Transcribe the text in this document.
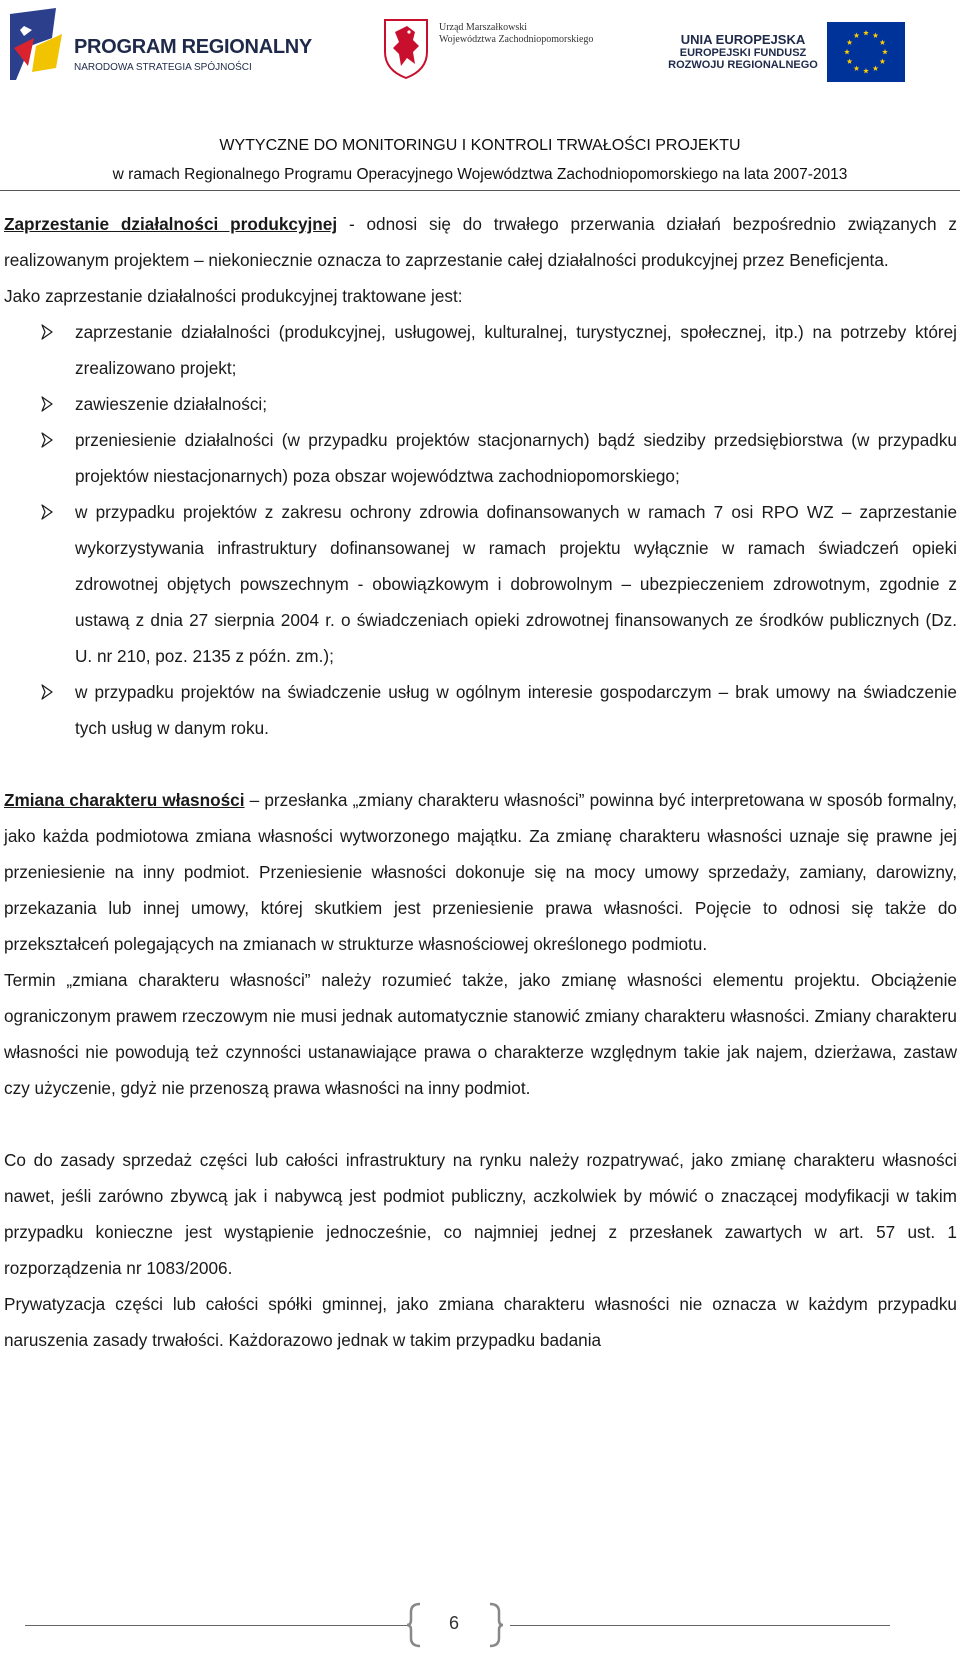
PROGRAM REGIONALNY
NARODOWA STRATEGIA SPÓJNOŚCI
Urząd Marszałkowski
Województwa Zachodniopomorskiego	UNIA EUROPEJSKA
EUROPEJSKI FUNDUSZ
ROZWOJU REGIONALNEGO
WYTYCZNE DO MONITORINGU I KONTROLI TRWAŁOŚCI PROJEKTU
w ramach Regionalnego Programu Operacyjnego Województwa Zachodniopomorskiego na lata 2007-2013

Zaprzestanie działalności produkcyjnej - odnosi się do trwałego przerwania działań bezpośrednio związanych z realizowanym projektem – niekoniecznie oznacza to zaprzestanie całej działalności produkcyjnej przez Beneficjenta.

Jako zaprzestanie działalności produkcyjnej traktowane jest:

zaprzestanie działalności (produkcyjnej, usługowej, kulturalnej, turystycznej, społecznej, itp.) na potrzeby której zrealizowano projekt;
zawieszenie działalności;
przeniesienie działalności (w przypadku projektów stacjonarnych) bądź siedziby przedsiębiorstwa (w przypadku projektów niestacjonarnych) poza obszar województwa zachodniopomorskiego;
w przypadku projektów z zakresu ochrony zdrowia dofinansowanych w ramach 7 osi RPO WZ – zaprzestanie wykorzystywania infrastruktury dofinansowanej w ramach projektu wyłącznie w ramach świadczeń opieki zdrowotnej objętych powszechnym - obowiązkowym i dobrowolnym – ubezpieczeniem zdrowotnym, zgodnie z ustawą z dnia 27 sierpnia 2004 r. o świadczeniach opieki zdrowotnej finansowanych ze środków publicznych (Dz. U. nr 210, poz. 2135 z późn. zm.);
w przypadku projektów na świadczenie usług w ogólnym interesie gospodarczym – brak umowy na świadczenie tych usług w danym roku.

Zmiana charakteru własności – przesłanka „zmiany charakteru własności” powinna być interpretowana w sposób formalny, jako każda podmiotowa zmiana własności wytworzonego majątku. Za zmianę charakteru własności uznaje się prawne jej przeniesienie na inny podmiot. Przeniesienie własności dokonuje się na mocy umowy sprzedaży, zamiany, darowizny, przekazania lub innej umowy, której skutkiem jest przeniesienie prawa własności. Pojęcie to odnosi się także do przekształceń polegających na zmianach w strukturze własnościowej określonego podmiotu.

Termin „zmiana charakteru własności” należy rozumieć także, jako zmianę własności elementu projektu. Obciążenie ograniczonym prawem rzeczowym nie musi jednak automatycznie stanowić zmiany charakteru własności. Zmiany charakteru własności nie powodują też czynności ustanawiające prawa o charakterze względnym takie jak najem, dzierżawa, zastaw czy użyczenie, gdyż nie przenoszą prawa własności na inny podmiot.

Co do zasady sprzedaż części lub całości infrastruktury na rynku należy rozpatrywać, jako zmianę charakteru własności nawet, jeśli zarówno zbywcą jak i nabywcą jest podmiot publiczny, aczkolwiek by mówić o znaczącej modyfikacji w takim przypadku konieczne jest wystąpienie jednocześnie, co najmniej jednej z przesłanek zawartych w art. 57 ust. 1 rozporządzenia nr 1083/2006.

Prywatyzacja części lub całości spółki gminnej, jako zmiana charakteru własności nie oznacza w każdym przypadku naruszenia zasady trwałości. Każdorazowo jednak w takim przypadku badania

6
